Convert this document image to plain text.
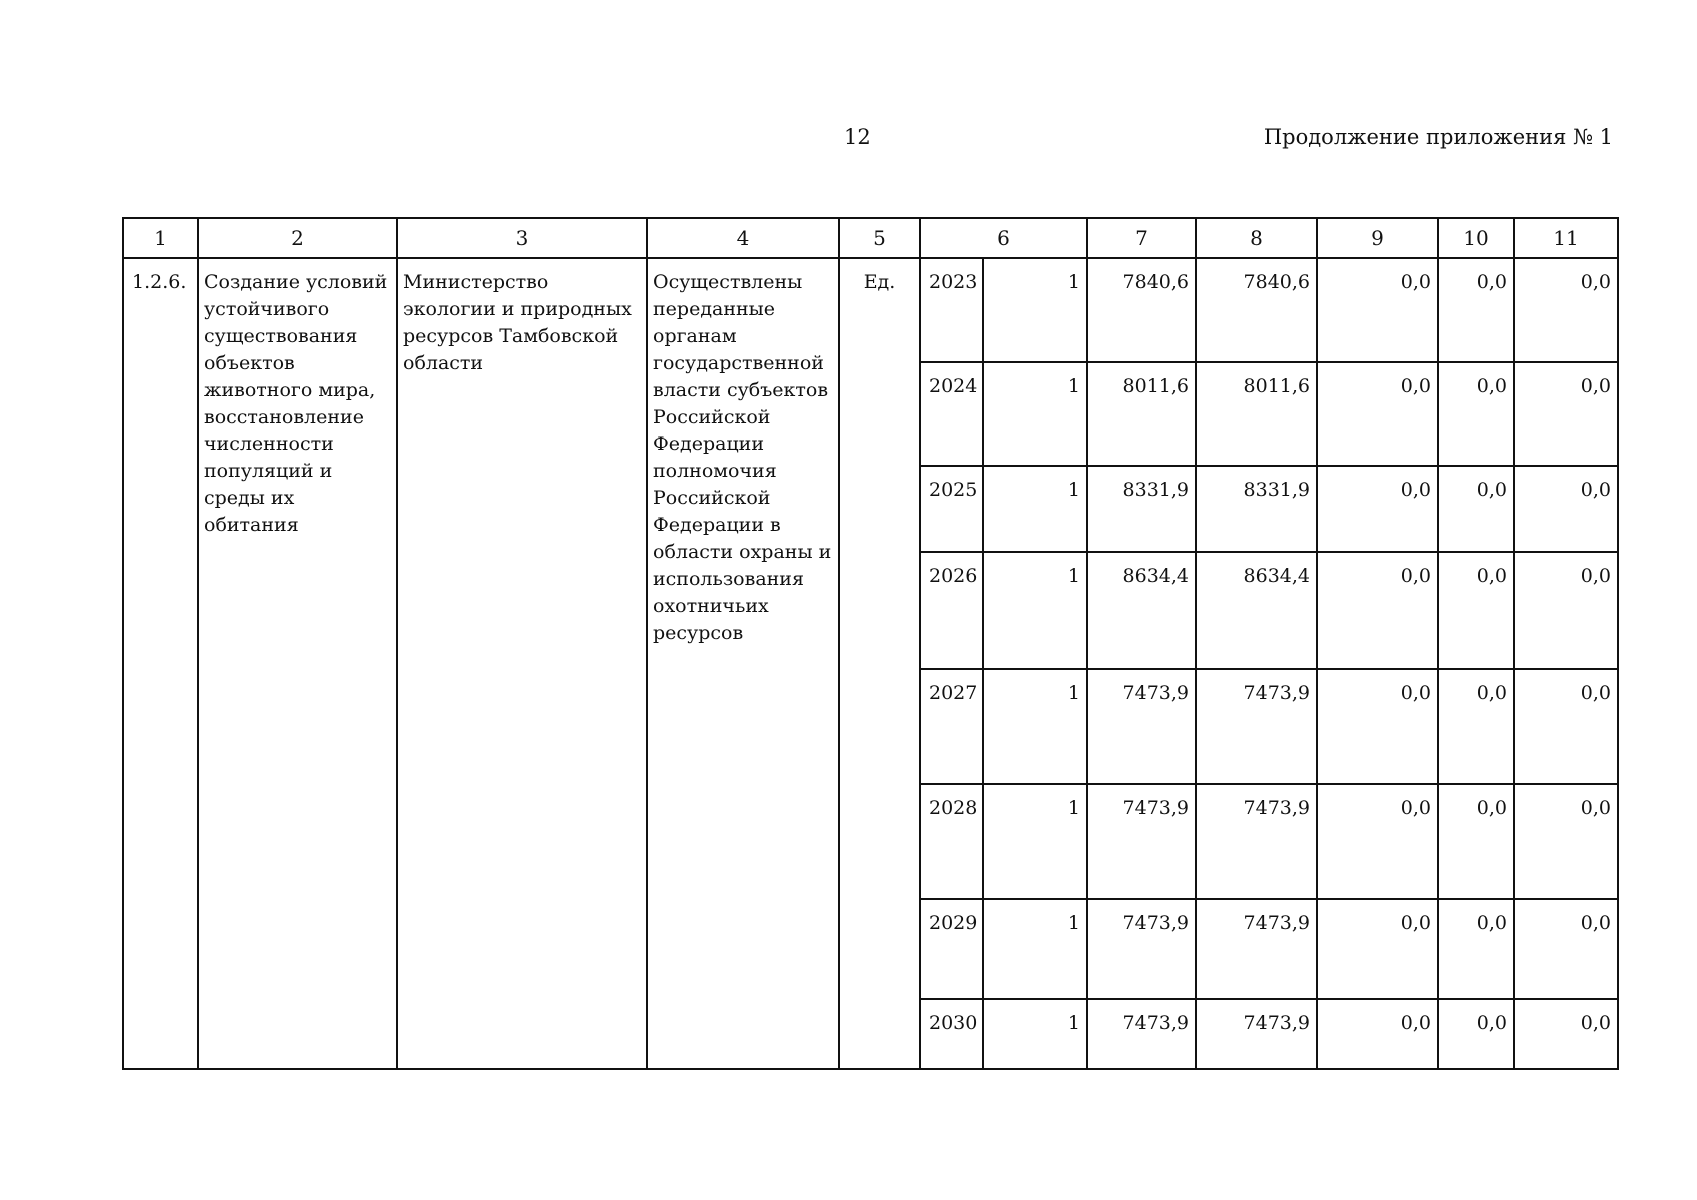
12	Продолжение приложения № 1
1	2	3	4	5	6		7	8	9	10	11
1.2.6.	Создание условий устойчивого существования объектов животного мира, восстановление численности популяций и среды их обитания	Министерство экологии и природных ресурсов Тамбовской области	Осуществлены переданные органам государственной власти субъектов Российской Федерации полномочия Российской Федерации в области охраны и использования охотничьих ресурсов	Ед.	2023	1	7840,6	7840,6	0,0	0,0	0,0
					2024	1	8011,6	8011,6	0,0	0,0	0,0
					2025	1	8331,9	8331,9	0,0	0,0	0,0
					2026	1	8634,4	8634,4	0,0	0,0	0,0
					2027	1	7473,9	7473,9	0,0	0,0	0,0
					2028	1	7473,9	7473,9	0,0	0,0	0,0
					2029	1	7473,9	7473,9	0,0	0,0	0,0
					2030	1	7473,9	7473,9	0,0	0,0	0,0
